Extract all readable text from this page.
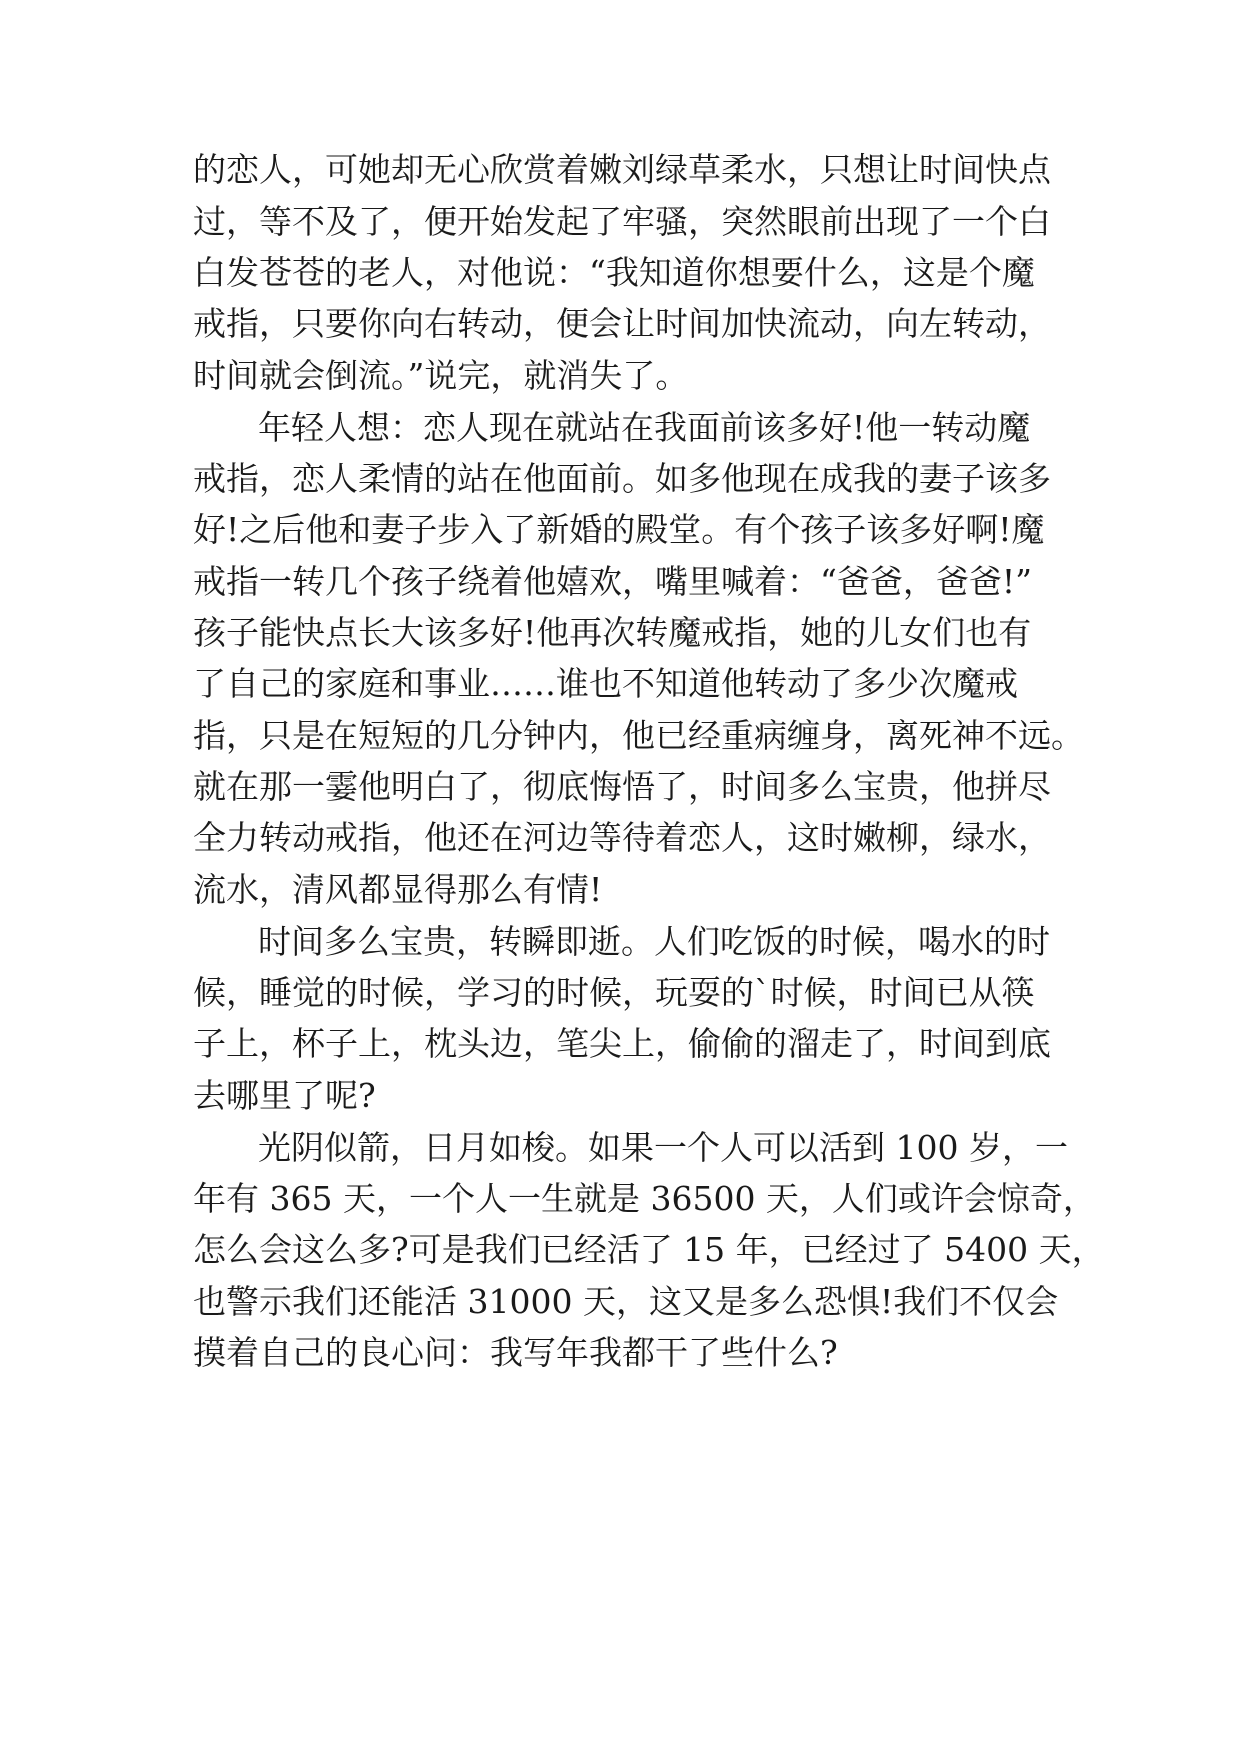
的恋人，可她却无心欣赏着嫩刘绿草柔水，只想让时间快点
过，等不及了，便开始发起了牢骚，突然眼前出现了一个白
白发苍苍的老人，对他说：“我知道你想要什么，这是个魔
戒指，只要你向右转动，便会让时间加快流动，向左转动，
时间就会倒流。”说完，就消失了。
年轻人想：恋人现在就站在我面前该多好!他一转动魔
戒指，恋人柔情的站在他面前。如多他现在成我的妻子该多
好!之后他和妻子步入了新婚的殿堂。有个孩子该多好啊!魔
戒指一转几个孩子绕着他嬉欢，嘴里喊着：“爸爸，爸爸!”
孩子能快点长大该多好!他再次转魔戒指，她的儿女们也有
了自己的家庭和事业……谁也不知道他转动了多少次魔戒
指，只是在短短的几分钟内，他已经重病缠身，离死神不远。
就在那一霎他明白了，彻底悔悟了，时间多么宝贵，他拼尽
全力转动戒指，他还在河边等待着恋人，这时嫩柳，绿水，
流水，清风都显得那么有情!
时间多么宝贵，转瞬即逝。人们吃饭的时候，喝水的时
候，睡觉的时候，学习的时候，玩耍的`时候，时间已从筷
子上，杯子上，枕头边，笔尖上，偷偷的溜走了，时间到底
去哪里了呢?
光阴似箭，日月如梭。如果一个人可以活到 100 岁，一
年有 365 天，一个人一生就是 36500 天，人们或许会惊奇，
怎么会这么多?可是我们已经活了 15 年，已经过了 5400 天，
也警示我们还能活 31000 天，这又是多么恐惧!我们不仅会
摸着自己的良心问：我写年我都干了些什么?
